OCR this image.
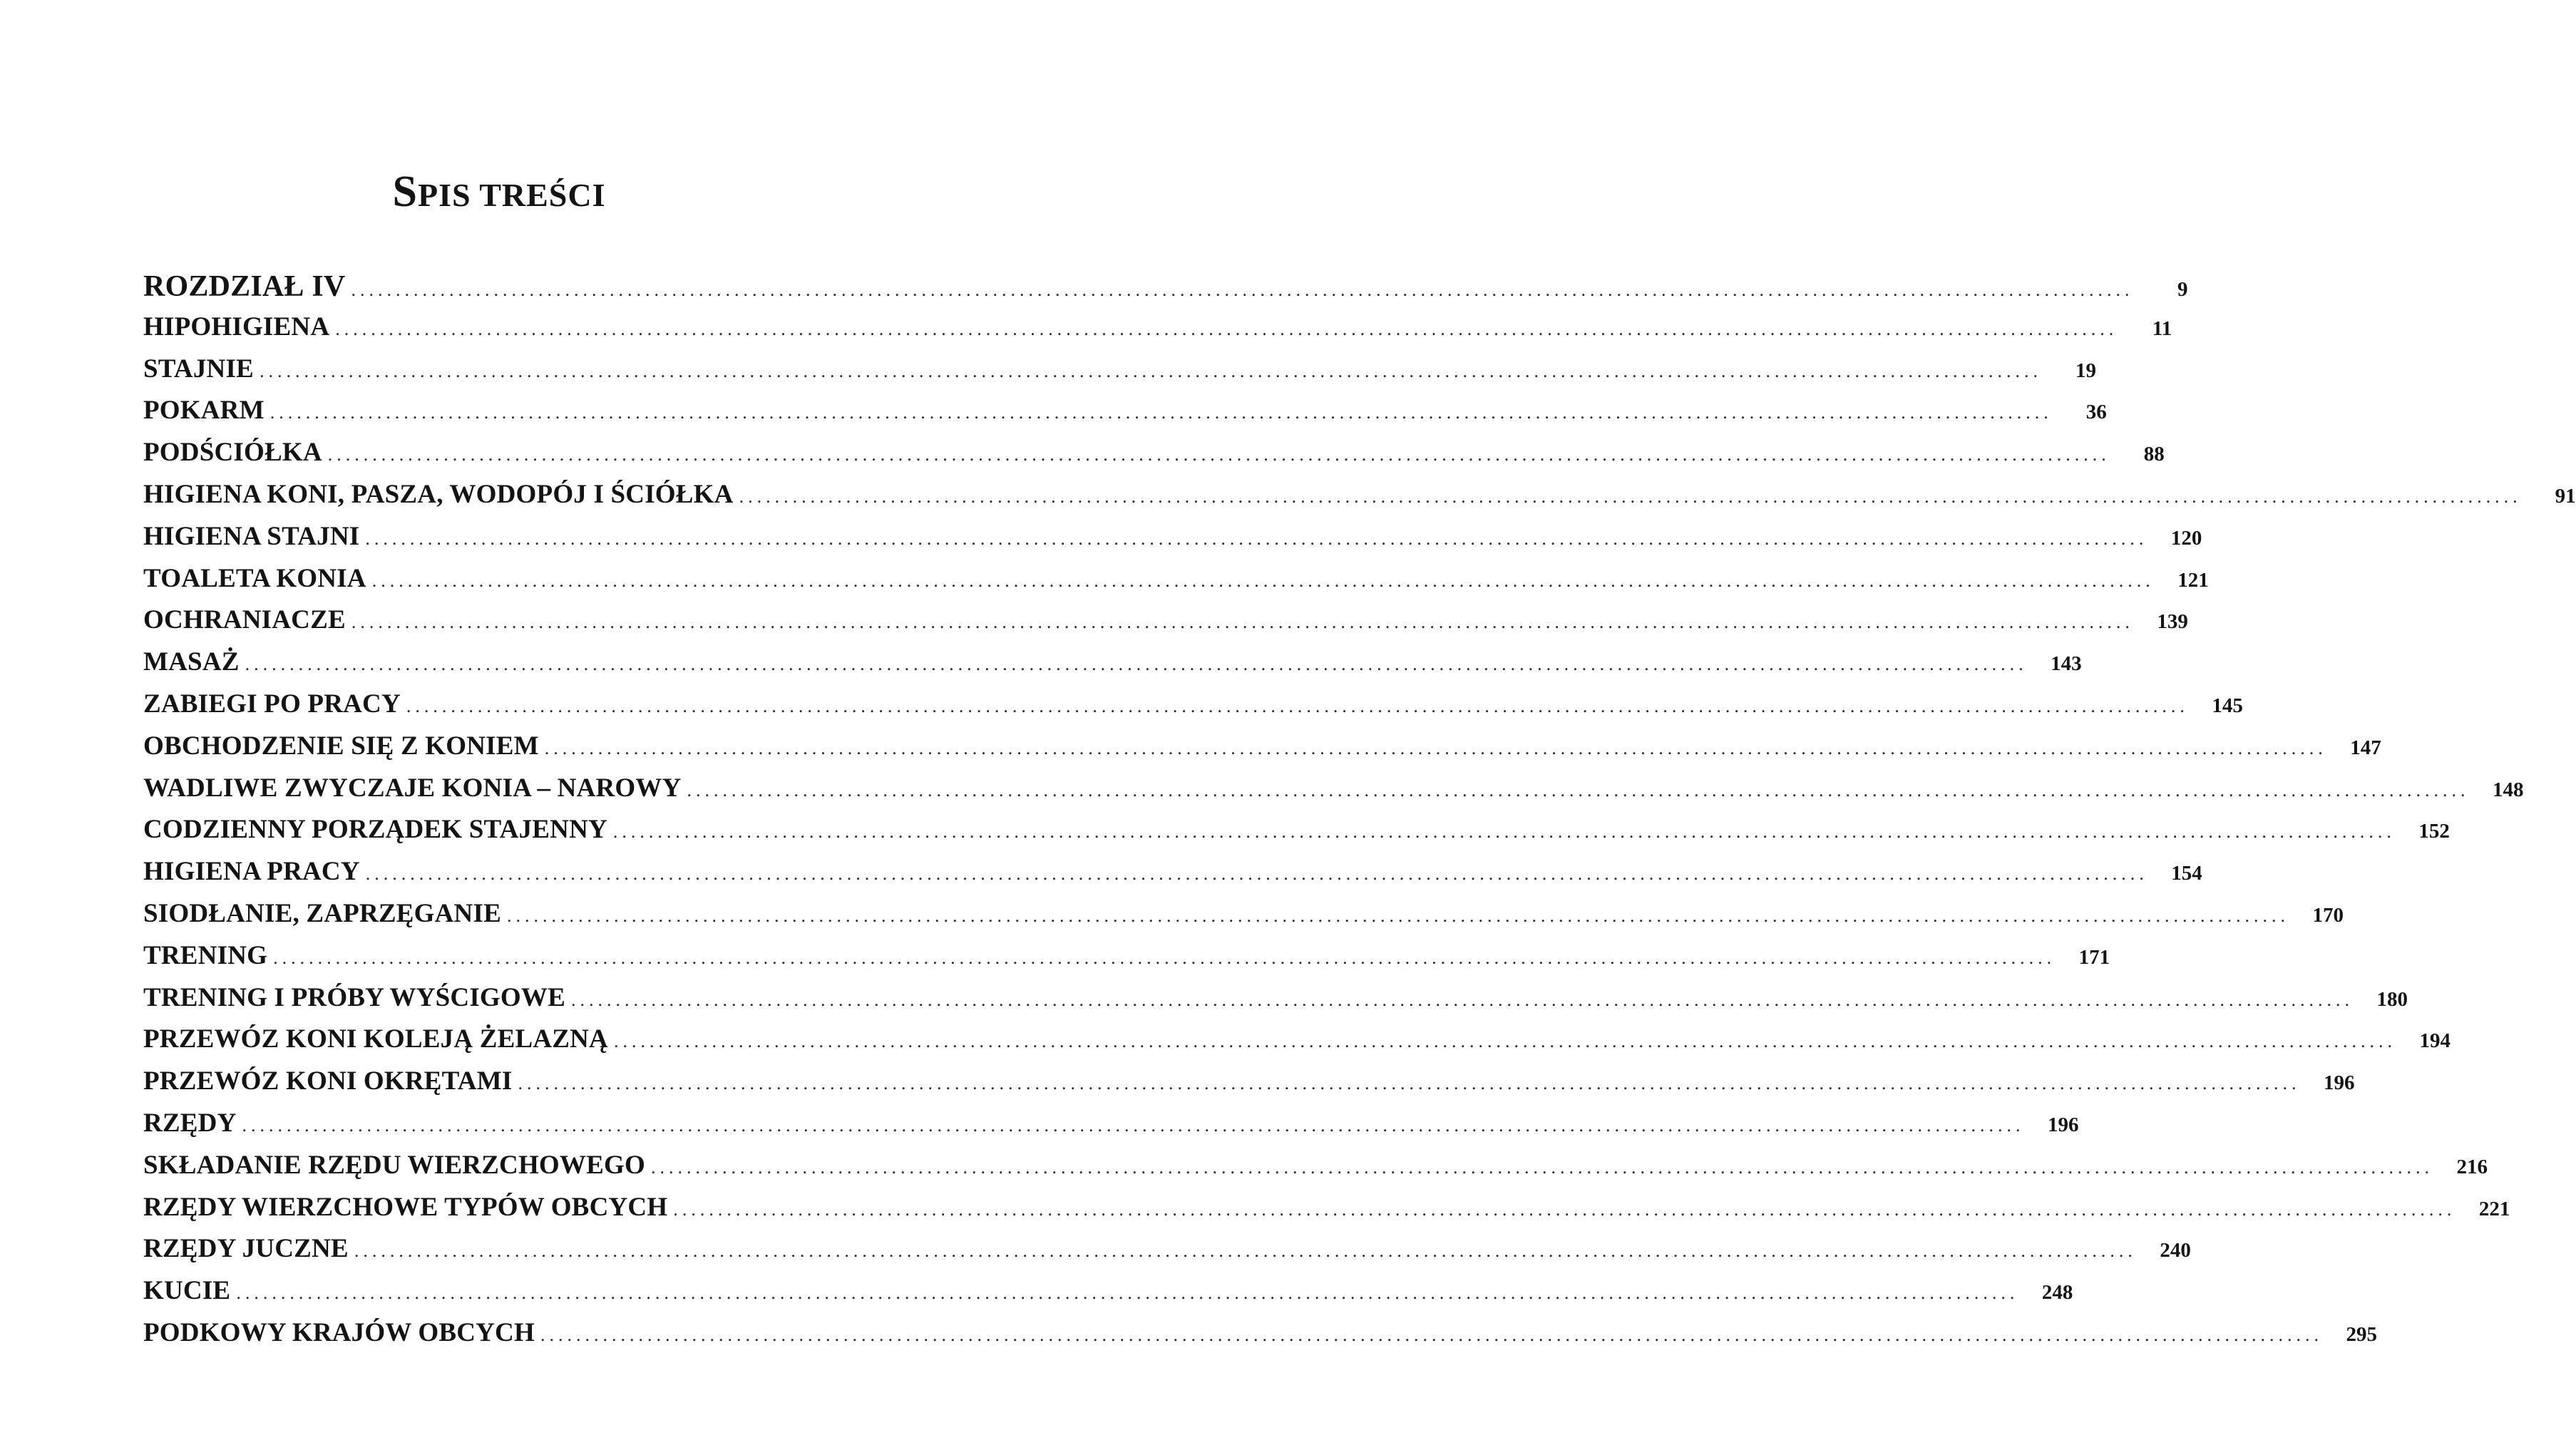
SPIS TREŚCI
ROZDZIAŁ IV ........................................................................................................................................................................................................	9
HIPOHIGIENA ........................................................................................................................................................................................................	11
STAJNIE ........................................................................................................................................................................................................	19
POKARM ........................................................................................................................................................................................................	36
PODŚCIÓŁKA ........................................................................................................................................................................................................	88
HIGIENA KONI, PASZA, WODOPÓJ I ŚCIÓŁKA ........................................................................................................................................................................................................	91
HIGIENA STAJNI ........................................................................................................................................................................................................	120
TOALETA KONIA ........................................................................................................................................................................................................	121
OCHRANIACZE ........................................................................................................................................................................................................	139
MASAŻ ........................................................................................................................................................................................................	143
ZABIEGI PO PRACY ........................................................................................................................................................................................................	145
OBCHODZENIE SIĘ Z KONIEM ........................................................................................................................................................................................................	147
WADLIWE ZWYCZAJE KONIA – NAROWY ........................................................................................................................................................................................................	148
CODZIENNY PORZĄDEK STAJENNY ........................................................................................................................................................................................................	152
HIGIENA PRACY ........................................................................................................................................................................................................	154
SIODŁANIE, ZAPRZĘGANIE ........................................................................................................................................................................................................	170
TRENING ........................................................................................................................................................................................................	171
TRENING I PRÓBY WYŚCIGOWE ........................................................................................................................................................................................................	180
PRZEWÓZ KONI KOLEJĄ ŻELAZNĄ ........................................................................................................................................................................................................	194
PRZEWÓZ KONI OKRĘTAMI ........................................................................................................................................................................................................	196
RZĘDY ........................................................................................................................................................................................................	196
SKŁADANIE RZĘDU WIERZCHOWEGO ........................................................................................................................................................................................................	216
RZĘDY WIERZCHOWE TYPÓW OBCYCH ........................................................................................................................................................................................................	221
RZĘDY JUCZNE ........................................................................................................................................................................................................	240
KUCIE ........................................................................................................................................................................................................	248
PODKOWY KRAJÓW OBCYCH ........................................................................................................................................................................................................	295
